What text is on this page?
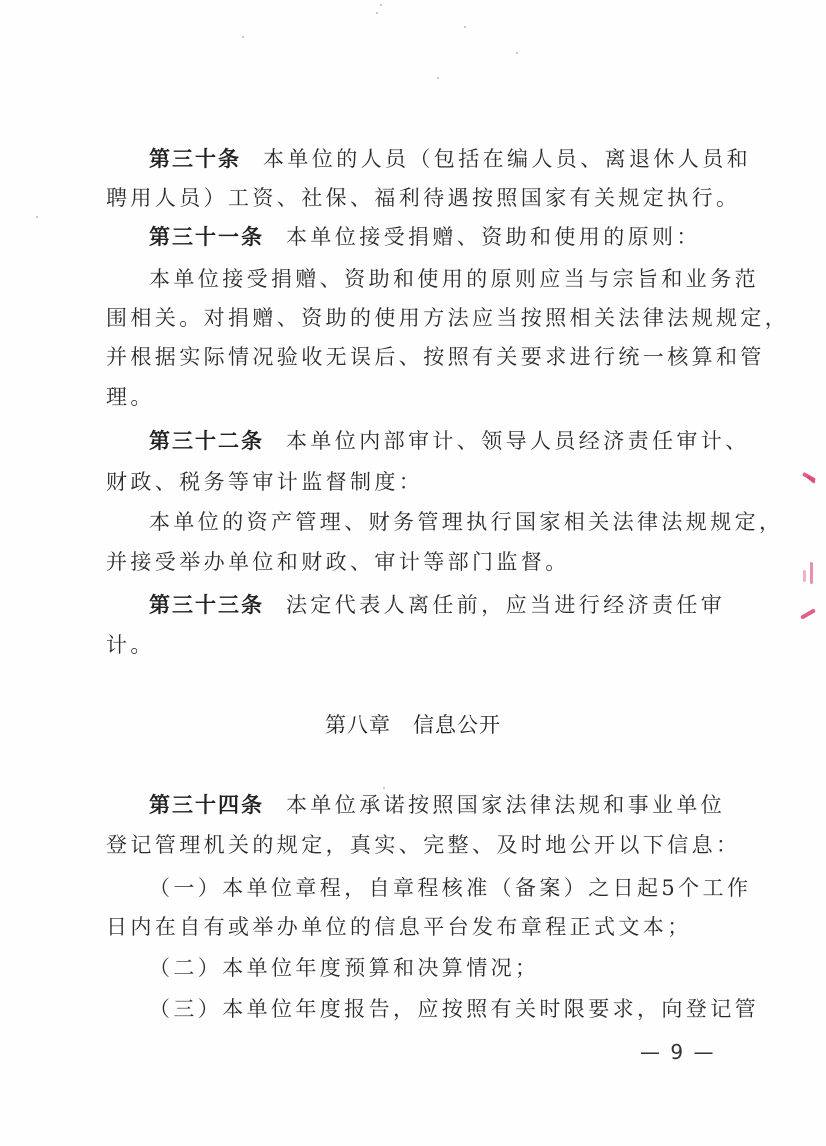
第三十条 本单位的人员（包括在编人员、离退休人员和
聘用人员）工资、社保、福利待遇按照国家有关规定执行。
第三十一条 本单位接受捐赠、资助和使用的原则：
本单位接受捐赠、资助和使用的原则应当与宗旨和业务范
围相关。对捐赠、资助的使用方法应当按照相关法律法规规定，
并根据实际情况验收无误后、按照有关要求进行统一核算和管
理。
第三十二条 本单位内部审计、领导人员经济责任审计、
财政、税务等审计监督制度：
本单位的资产管理、财务管理执行国家相关法律法规规定，
并接受举办单位和财政、审计等部门监督。
第三十三条 法定代表人离任前，应当进行经济责任审
计。
第八章 信息公开
第三十四条 本单位承诺按照国家法律法规和事业单位
登记管理机关的规定，真实、完整、及时地公开以下信息：
（一）本单位章程，自章程核准（备案）之日起5个工作
日内在自有或举办单位的信息平台发布章程正式文本；
（二）本单位年度预算和决算情况；
（三）本单位年度报告，应按照有关时限要求，向登记管
— 9 —
